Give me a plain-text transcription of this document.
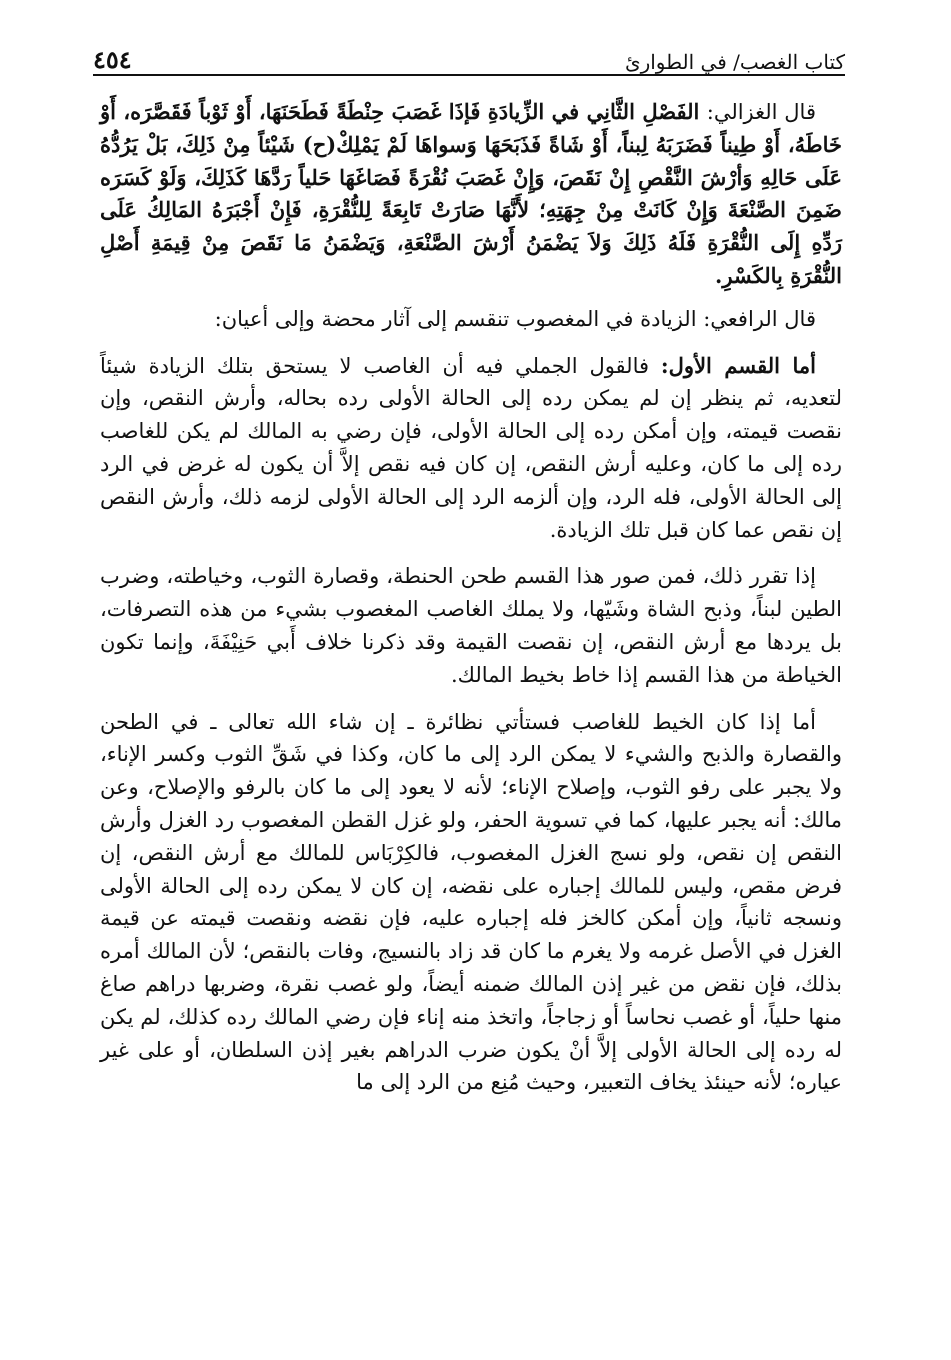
كتاب الغصب/ في الطوارئ
٤٥٤

قال الغزالي: الفَصْلِ الثَّانِي في الزِّيادَةِ فَإذَا غَصَبَ حِنْطَةً فَطَحَنَهَا، أَوْ ثَوْباً فَقَصَّرَه، أَوْ خَاطَهُ، أَوْ طِيناً فَضَرَبَهُ لِبناً، أَوْ شَاةً فَذَبَحَهَا وَسواهَا لَمْ يَمْلِكْ(ح) شَيْئاً مِنْ ذَلِكَ، بَلْ يَرُدُّهُ عَلَى حَالِهِ وَأرْشَ النَّقْصِ إِنْ نَقَصَ، وَإِنْ غَصَبَ نُقْرَةً فَصَاغَهَا حَلياً رَدَّهَا كَذَلِكَ، وَلَوْ كَسَرَه ضَمِنَ الصَّنْعَةَ وَإِنْ كَانَتْ مِنْ جِهَتِهِ؛ لأَنَّهَا صَارَتْ تَابِعَةً لِلنُّقْرَةِ، فَإِنْ أَجْبَرَهُ المَالِكُ عَلَى رَدِّهِ إِلَى النُّقْرَةِ فَلَهُ ذَلِكَ وَلاَ يَضْمَنُ أَرْشَ الصَّنْعَةِ، وَيَضْمَنُ مَا نَقَصَ مِنْ قِيمَةِ أَصْلِ النُّقْرَةِ بِالكَسْرِ.

قال الرافعي: الزيادة في المغصوب تنقسم إلى آثار محضة وإلى أعيان:

أما القسم الأول: فالقول الجملي فيه أن الغاصب لا يستحق بتلك الزيادة شيئاً لتعديه، ثم ينظر إن لم يمكن رده إلى الحالة الأولى رده بحاله، وأرش النقص، وإن نقصت قيمته، وإن أمكن رده إلى الحالة الأولى، فإن رضي به المالك لم يكن للغاصب رده إلى ما كان، وعليه أرش النقص، إن كان فيه نقص إلاَّ أن يكون له غرض في الرد إلى الحالة الأولى، فله الرد، وإن ألزمه الرد إلى الحالة الأولى لزمه ذلك، وأرش النقص إن نقص عما كان قبل تلك الزيادة.

إذا تقرر ذلك، فمن صور هذا القسم طحن الحنطة، وقصارة الثوب، وخياطته، وضرب الطين لبناً، وذبح الشاة وشَيّها، ولا يملك الغاصب المغصوب بشيء من هذه التصرفات، بل يردها مع أرش النقص، إن نقصت القيمة وقد ذكرنا خلاف أَبي حَنِيْفَةَ، وإنما تكون الخياطة من هذا القسم إذا خاط بخيط المالك.

أما إذا كان الخيط للغاصب فستأتي نظائرة ـ إن شاء الله تعالى ـ في الطحن والقصارة والذبح والشيء لا يمكن الرد إلى ما كان، وكذا في شَقِّ الثوب وكسر الإناء، ولا يجبر على رفو الثوب، وإصلاح الإناء؛ لأنه لا يعود إلى ما كان بالرفو والإصلاح، وعن مالك: أنه يجبر عليها، كما في تسوية الحفر، ولو غزل القطن المغصوب رد الغزل وأرش النقص إن نقص، ولو نسج الغزل المغصوب، فالكِرْبَاس للمالك مع أرش النقص، إن فرض مقص، وليس للمالك إجباره على نقضه، إن كان لا يمكن رده إلى الحالة الأولى ونسجه ثانياً، وإن أمكن كالخز فله إجباره عليه، فإن نقضه ونقصت قيمته عن قيمة الغزل في الأصل غرمه ولا يغرم ما كان قد زاد بالنسيج، وفات بالنقص؛ لأن المالك أمره بذلك، فإن نقض من غير إذن المالك ضمنه أيضاً، ولو غصب نقرة، وضربها دراهم صاغ منها حلياً، أو غصب نحاساً أو زجاجاً، واتخذ منه إناء فإن رضي المالك رده كذلك، لم يكن له رده إلى الحالة الأولى إلاَّ أنْ يكون ضرب الدراهم بغير إذن السلطان، أو على غير عياره؛ لأنه حينئذ يخاف التعبير، وحيث مُنِع من الرد إلى ما
